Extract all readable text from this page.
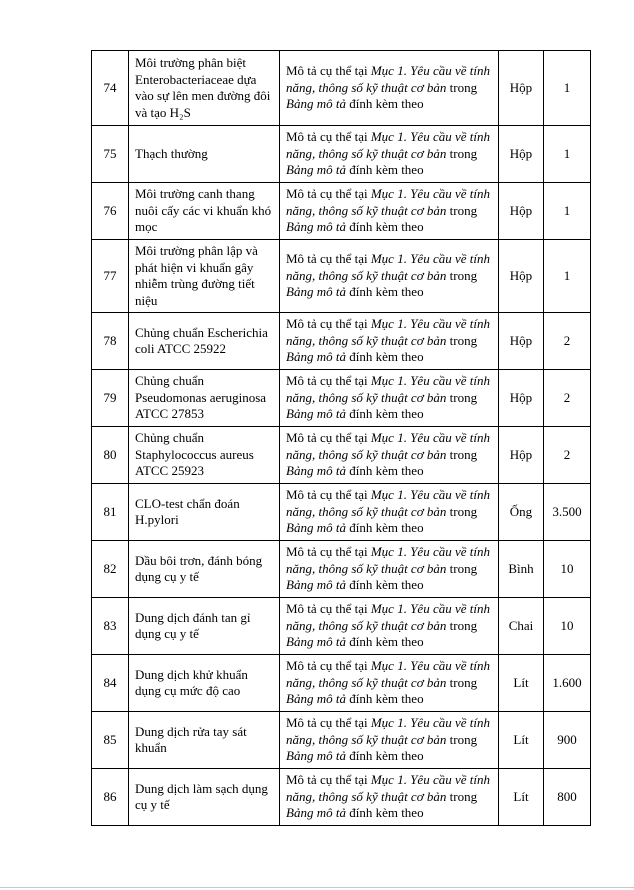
74	Môi trường phân biệt Enterobacteriaceae dựa vào sự lên men đường đôi và tạo H₂S	Mô tả cụ thể tại Mục 1. Yêu cầu về tính năng, thông số kỹ thuật cơ bản trong Bảng mô tả đính kèm theo	Hộp	1
75	Thạch thường	Mô tả cụ thể tại Mục 1. Yêu cầu về tính năng, thông số kỹ thuật cơ bản trong Bảng mô tả đính kèm theo	Hộp	1
76	Môi trường canh thang nuôi cấy các vi khuẩn khó mọc	Mô tả cụ thể tại Mục 1. Yêu cầu về tính năng, thông số kỹ thuật cơ bản trong Bảng mô tả đính kèm theo	Hộp	1
77	Môi trường phân lập và phát hiện vi khuẩn gây nhiễm trùng đường tiết niệu	Mô tả cụ thể tại Mục 1. Yêu cầu về tính năng, thông số kỹ thuật cơ bản trong Bảng mô tả đính kèm theo	Hộp	1
78	Chủng chuẩn Escherichia coli ATCC 25922	Mô tả cụ thể tại Mục 1. Yêu cầu về tính năng, thông số kỹ thuật cơ bản trong Bảng mô tả đính kèm theo	Hộp	2
79	Chủng chuẩn Pseudomonas aeruginosa ATCC 27853	Mô tả cụ thể tại Mục 1. Yêu cầu về tính năng, thông số kỹ thuật cơ bản trong Bảng mô tả đính kèm theo	Hộp	2
80	Chủng chuẩn Staphylococcus aureus ATCC 25923	Mô tả cụ thể tại Mục 1. Yêu cầu về tính năng, thông số kỹ thuật cơ bản trong Bảng mô tả đính kèm theo	Hộp	2
81	CLO-test chẩn đoán H.pylori	Mô tả cụ thể tại Mục 1. Yêu cầu về tính năng, thông số kỹ thuật cơ bản trong Bảng mô tả đính kèm theo	Ống	3.500
82	Dầu bôi trơn, đánh bóng dụng cụ y tế	Mô tả cụ thể tại Mục 1. Yêu cầu về tính năng, thông số kỹ thuật cơ bản trong Bảng mô tả đính kèm theo	Bình	10
83	Dung dịch đánh tan gỉ dụng cụ y tế	Mô tả cụ thể tại Mục 1. Yêu cầu về tính năng, thông số kỹ thuật cơ bản trong Bảng mô tả đính kèm theo	Chai	10
84	Dung dịch khử khuẩn dụng cụ mức độ cao	Mô tả cụ thể tại Mục 1. Yêu cầu về tính năng, thông số kỹ thuật cơ bản trong Bảng mô tả đính kèm theo	Lít	1.600
85	Dung dịch rửa tay sát khuẩn	Mô tả cụ thể tại Mục 1. Yêu cầu về tính năng, thông số kỹ thuật cơ bản trong Bảng mô tả đính kèm theo	Lít	900
86	Dung dịch làm sạch dụng cụ y tế	Mô tả cụ thể tại Mục 1. Yêu cầu về tính năng, thông số kỹ thuật cơ bản trong Bảng mô tả đính kèm theo	Lít	800
